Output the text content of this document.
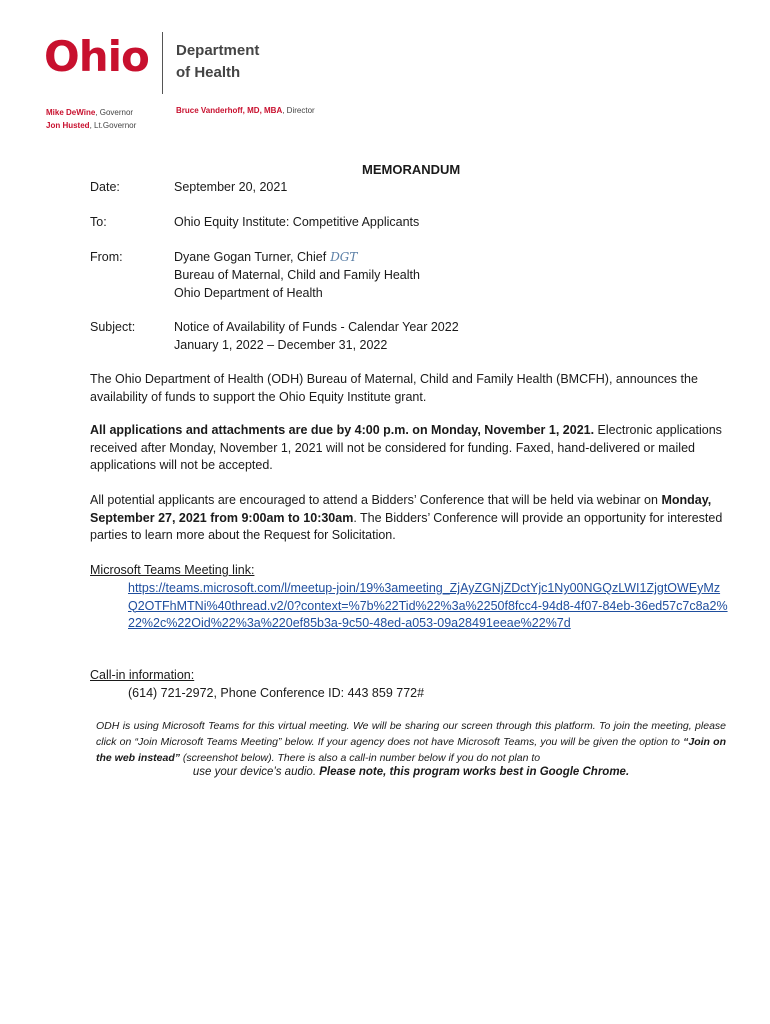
Ohio Department
of Health
Mike DeWine, Governor
Jon Husted, Lt.Governor
Bruce Vanderhoff, MD, MBA, Director
MEMORANDUM
Date:	September 20, 2021
To:	Ohio Equity Institute: Competitive Applicants
From:	Dyane Gogan Turner, Chief DGT
Bureau of Maternal, Child and Family Health
Ohio Department of Health
Subject:	Notice of Availability of Funds - Calendar Year 2022
January 1, 2022 – December 31, 2022
The Ohio Department of Health (ODH) Bureau of Maternal, Child and Family Health (BMCFH), announces the availability of funds to support the Ohio Equity Institute grant.
All applications and attachments are due by 4:00 p.m. on Monday, November 1, 2021. Electronic applications received after Monday, November 1, 2021 will not be considered for funding. Faxed, hand-delivered or mailed applications will not be accepted.
All potential applicants are encouraged to attend a Bidders’ Conference that will be held via webinar on Monday, September 27, 2021 from 9:00am to 10:30am. The Bidders’ Conference will provide an opportunity for interested parties to learn more about the Request for Solicitation.
Microsoft Teams Meeting link:
https://teams.microsoft.com/l/meetup-join/19%3ameeting_ZjAyZGNjZDctYjc1Ny00NGQzLWI1ZjgtOWEyMzQ2OTFhMTNi%40thread.v2/0?context=%7b%22Tid%22%3a%2250f8fcc4-94d8-4f07-84eb-36ed57c7c8a2%22%2c%22Oid%22%3a%220ef85b3a-9c50-48ed-a053-09a28491eeae%22%7d
Call-in information:
(614) 721-2972, Phone Conference ID: 443 859 772#
ODH is using Microsoft Teams for this virtual meeting. We will be sharing our screen through this platform. To join the meeting, please click on “Join Microsoft Teams Meeting” below. If your agency does not have Microsoft Teams, you will be given the option to “Join on the web instead” (screenshot below). There is also a call-in number below if you do not plan to
use your device’s audio. Please note, this program works best in Google Chrome.
